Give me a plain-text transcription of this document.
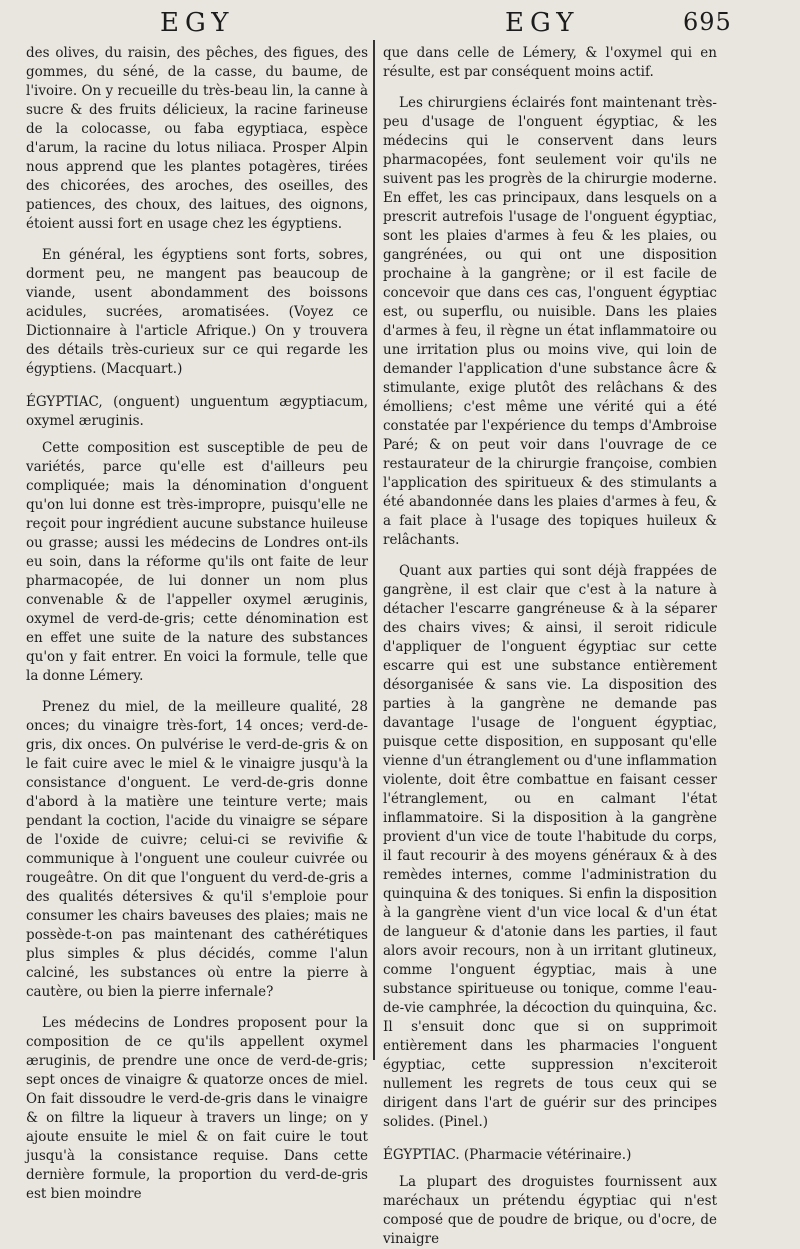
EGY	EGY	695

des olives, du raisin, des pêches, des figues, des gommes, du séné, de la casse, du baume, de l'ivoire. On y recueille du très-beau lin, la canne à sucre & des fruits délicieux, la racine farineuse de la colocasse, ou faba egyptiaca, espèce d'arum, la racine du lotus niliaca. Prosper Alpin nous apprend que les plantes potagères, tirées des chicorées, des aroches, des oseilles, des patiences, des choux, des laitues, des oignons, étoient aussi fort en usage chez les égyptiens.

En général, les égyptiens sont forts, sobres, dorment peu, ne mangent pas beaucoup de viande, usent abondamment des boissons acidules, sucrées, aromatisées. (Voyez ce Dictionnaire à l'article Afrique.) On y trouvera des détails très-curieux sur ce qui regarde les égyptiens. (Macquart.)

ÉGYPTIAC, (onguent) unguentum ægyptiacum, oxymel æruginis.

Cette composition est susceptible de peu de variétés, parce qu'elle est d'ailleurs peu compliquée; mais la dénomination d'onguent qu'on lui donne est très-impropre, puisqu'elle ne reçoit pour ingrédient aucune substance huileuse ou grasse; aussi les médecins de Londres ont-ils eu soin, dans la réforme qu'ils ont faite de leur pharmacopée, de lui donner un nom plus convenable & de l'appeller oxymel æruginis, oxymel de verd-de-gris; cette dénomination est en effet une suite de la nature des substances qu'on y fait entrer. En voici la formule, telle que la donne Lémery.

Prenez du miel, de la meilleure qualité, 28 onces; du vinaigre très-fort, 14 onces; verd-de-gris, dix onces. On pulvérise le verd-de-gris & on le fait cuire avec le miel & le vinaigre jusqu'à la consistance d'onguent. Le verd-de-gris donne d'abord à la matière une teinture verte; mais pendant la coction, l'acide du vinaigre se sépare de l'oxide de cuivre; celui-ci se revivifie & communique à l'onguent une couleur cuivrée ou rougeâtre. On dit que l'onguent du verd-de-gris a des qualités détersives & qu'il s'emploie pour consumer les chairs baveuses des plaies; mais ne possède-t-on pas maintenant des cathérétiques plus simples & plus décidés, comme l'alun calciné, les substances où entre la pierre à cautère, ou bien la pierre infernale?

Les médecins de Londres proposent pour la composition de ce qu'ils appellent oxymel æruginis, de prendre une once de verd-de-gris; sept onces de vinaigre & quatorze onces de miel. On fait dissoudre le verd-de-gris dans le vinaigre & on filtre la liqueur à travers un linge; on y ajoute ensuite le miel & on fait cuire le tout jusqu'à la consistance requise. Dans cette dernière formule, la proportion du verd-de-gris est bien moindre

que dans celle de Lémery, & l'oxymel qui en résulte, est par conséquent moins actif.

Les chirurgiens éclairés font maintenant très-peu d'usage de l'onguent égyptiac, & les médecins qui le conservent dans leurs pharmacopées, font seulement voir qu'ils ne suivent pas les progrès de la chirurgie moderne. En effet, les cas principaux, dans lesquels on a prescrit autrefois l'usage de l'onguent égyptiac, sont les plaies d'armes à feu & les plaies, ou gangrénées, ou qui ont une disposition prochaine à la gangrène; or il est facile de concevoir que dans ces cas, l'onguent égyptiac est, ou superflu, ou nuisible. Dans les plaies d'armes à feu, il règne un état inflammatoire ou une irritation plus ou moins vive, qui loin de demander l'application d'une substance âcre & stimulante, exige plutôt des relâchans & des émolliens; c'est même une vérité qui a été constatée par l'expérience du temps d'Ambroise Paré; & on peut voir dans l'ouvrage de ce restaurateur de la chirurgie françoise, combien l'application des spiritueux & des stimulants a été abandonnée dans les plaies d'armes à feu, & a fait place à l'usage des topiques huileux & relâchants.

Quant aux parties qui sont déjà frappées de gangrène, il est clair que c'est à la nature à détacher l'escarre gangréneuse & à la séparer des chairs vives; & ainsi, il seroit ridicule d'appliquer de l'onguent égyptiac sur cette escarre qui est une substance entièrement désorganisée & sans vie. La disposition des parties à la gangrène ne demande pas davantage l'usage de l'onguent égyptiac, puisque cette disposition, en supposant qu'elle vienne d'un étranglement ou d'une inflammation violente, doit être combattue en faisant cesser l'étranglement, ou en calmant l'état inflammatoire. Si la disposition à la gangrène provient d'un vice de toute l'habitude du corps, il faut recourir à des moyens généraux & à des remèdes internes, comme l'administration du quinquina & des toniques. Si enfin la disposition à la gangrène vient d'un vice local & d'un état de langueur & d'atonie dans les parties, il faut alors avoir recours, non à un irritant glutineux, comme l'onguent égyptiac, mais à une substance spiritueuse ou tonique, comme l'eau-de-vie camphrée, la décoction du quinquina, &c. Il s'ensuit donc que si on supprimoit entièrement dans les pharmacies l'onguent égyptiac, cette suppression n'exciteroit nullement les regrets de tous ceux qui se dirigent dans l'art de guérir sur des principes solides. (Pinel.)

ÉGYPTIAC. (Pharmacie vétérinaire.)

La plupart des droguistes fournissent aux maréchaux un prétendu égyptiac qui n'est composé que de poudre de brique, ou d'ocre, de vinaigre
